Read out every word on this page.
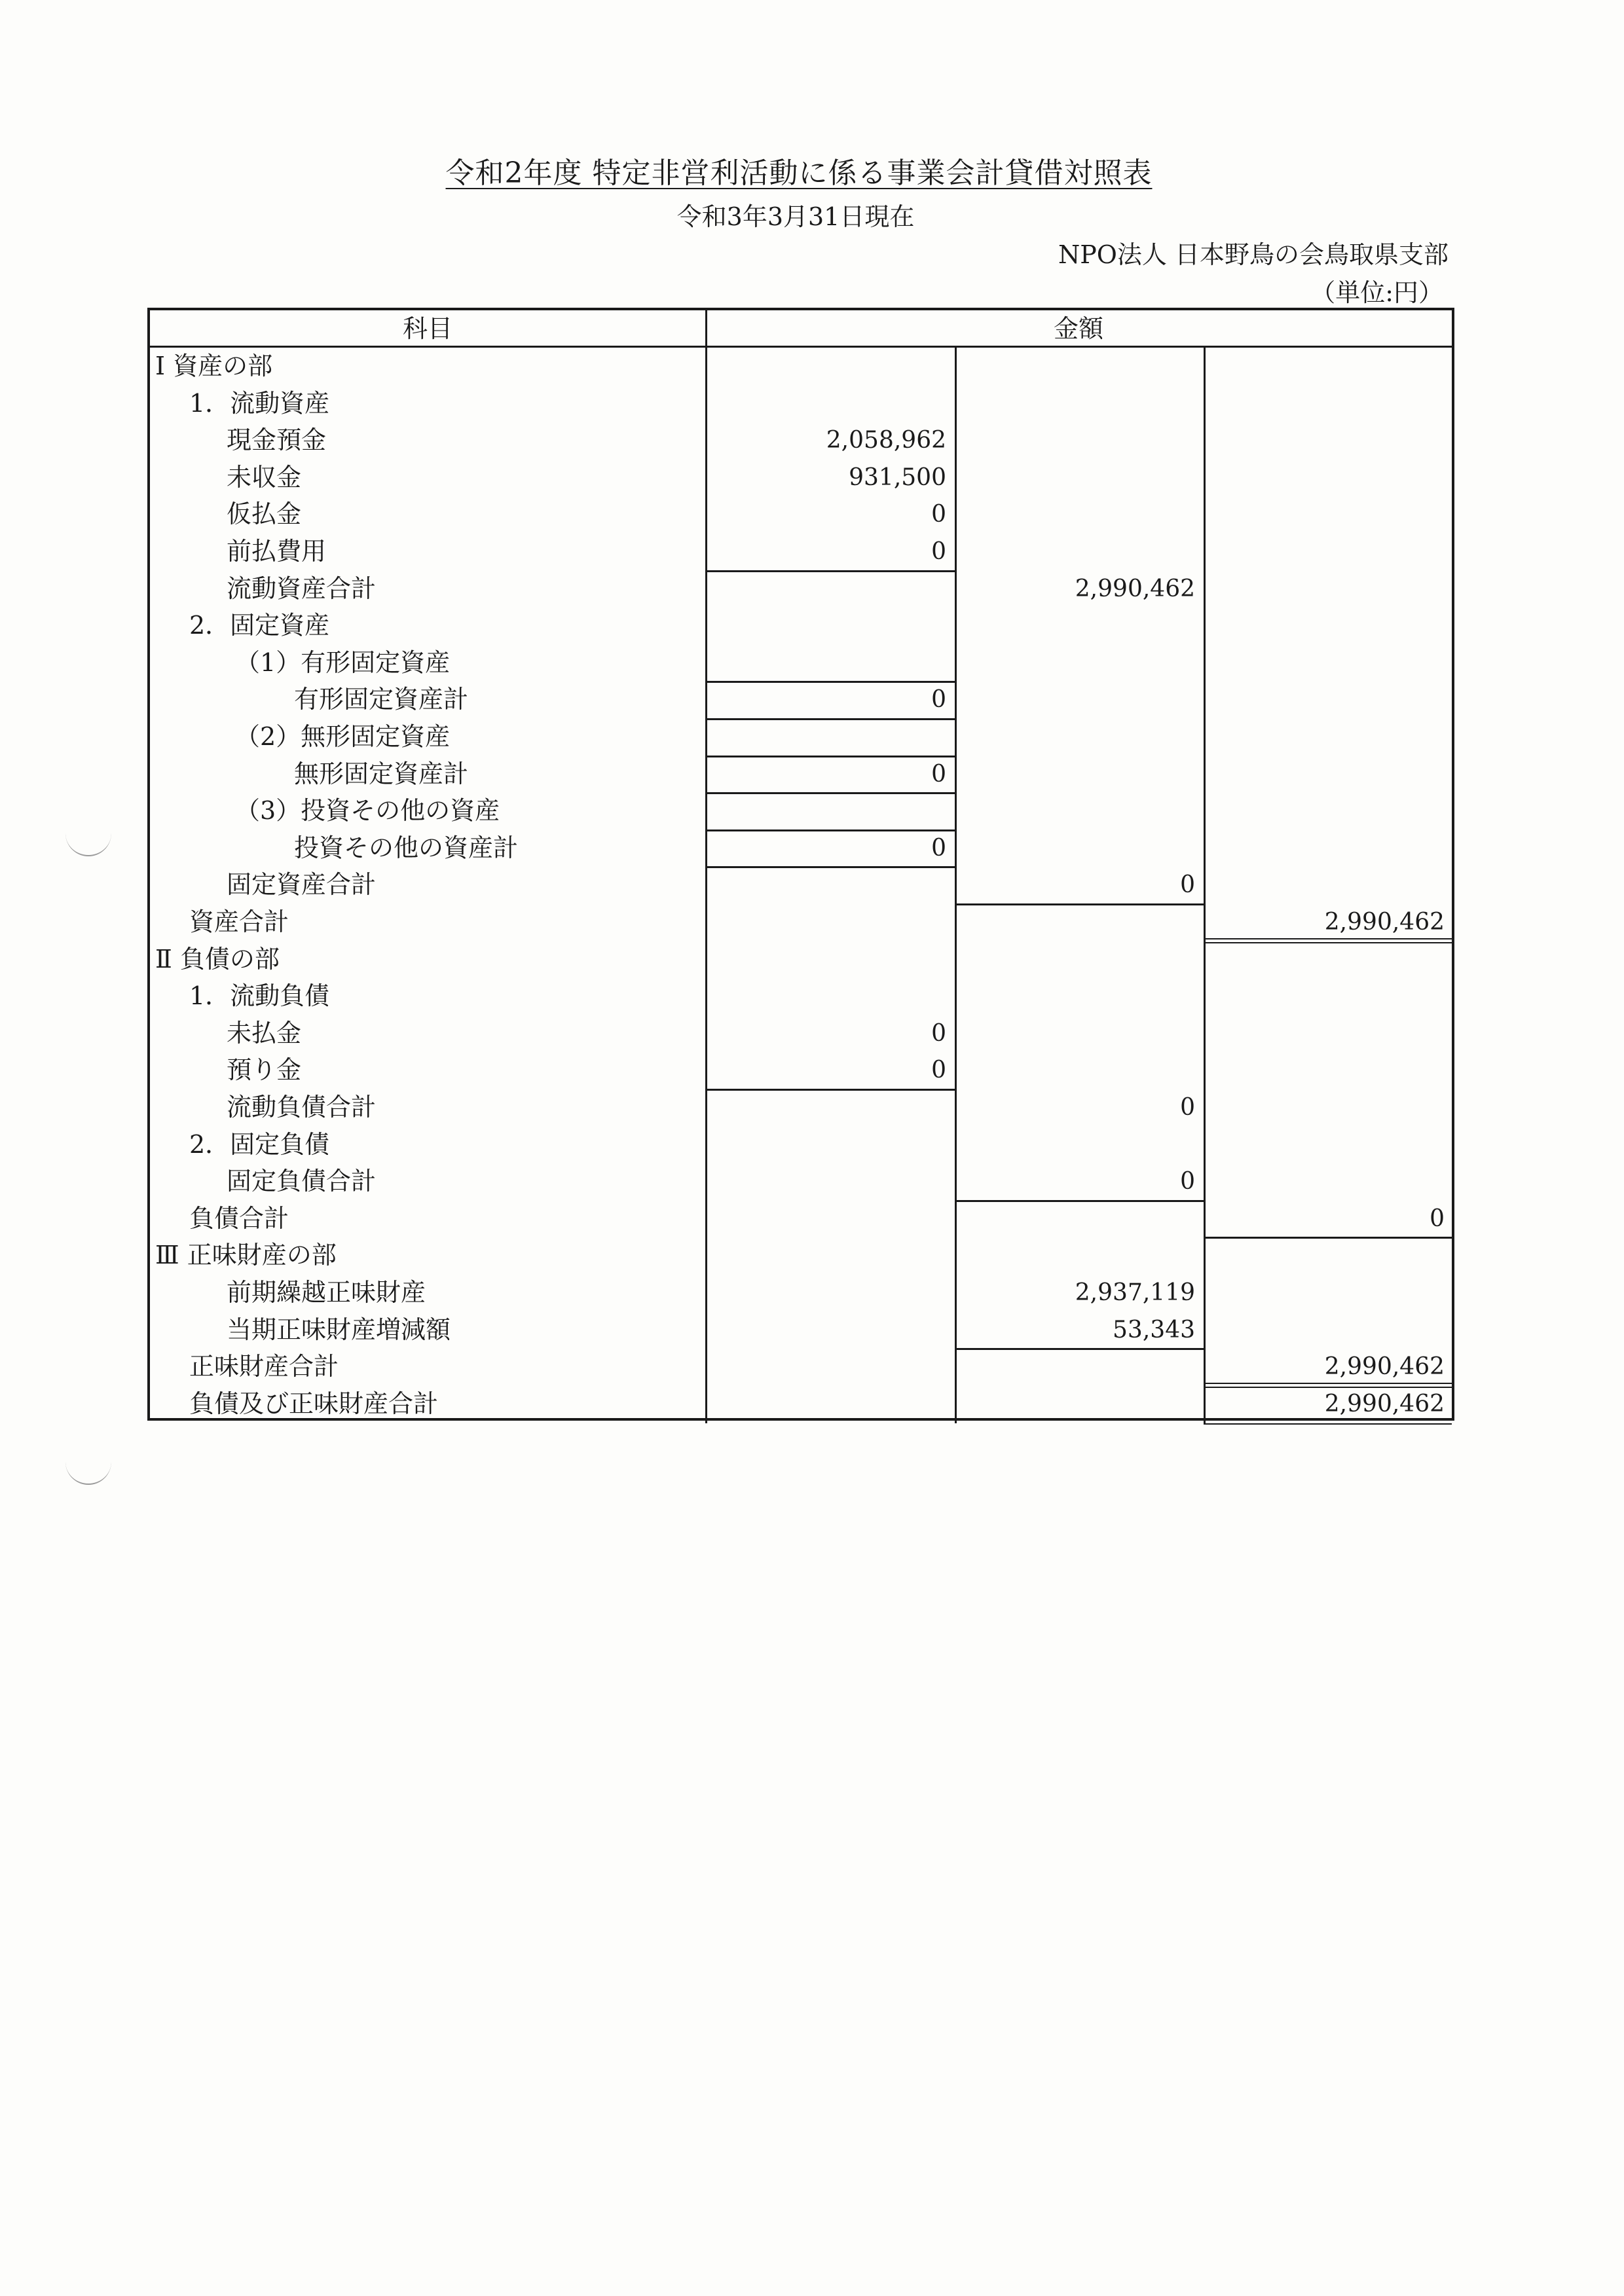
令和2年度 特定非営利活動に係る事業会計貸借対照表
令和3年3月31日現在
NPO法人 日本野鳥の会鳥取県支部
（単位:円）
科目	金額
Ⅰ 資産の部
1．流動資産
現金預金	2,058,962
未収金	931,500
仮払金	0
前払費用	0
流動資産合計	2,990,462
2．固定資産
（1）有形固定資産
有形固定資産計	0
（2）無形固定資産
無形固定資産計	0
（3）投資その他の資産
投資その他の資産計	0
固定資産合計	0
資産合計	2,990,462
Ⅱ 負債の部
1．流動負債
未払金	0
預り金	0
流動負債合計	0
2．固定負債
固定負債合計	0
負債合計	0
Ⅲ 正味財産の部
前期繰越正味財産	2,937,119
当期正味財産増減額	53,343
正味財産合計	2,990,462
負債及び正味財産合計	2,990,462
